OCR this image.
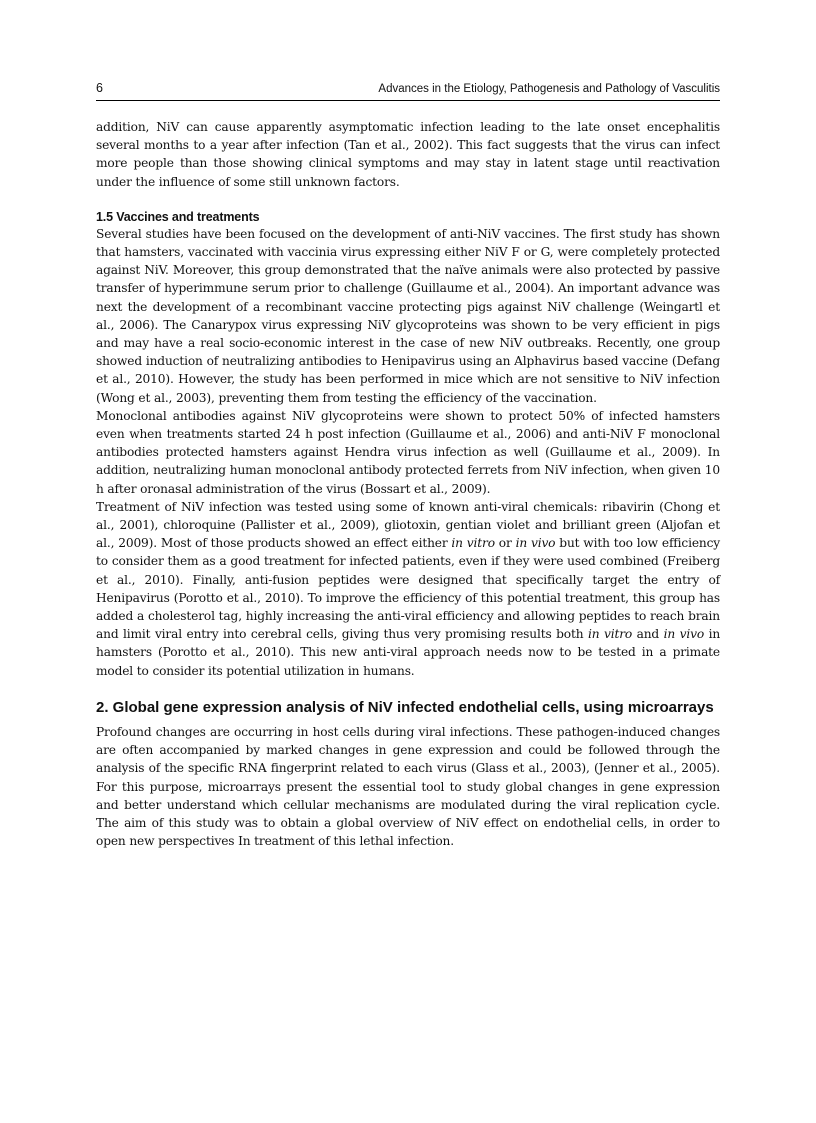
6	Advances in the Etiology, Pathogenesis and Pathology of Vasculitis

addition, NiV can cause apparently asymptomatic infection leading to the late onset encephalitis several months to a year after infection (Tan et al., 2002). This fact suggests that the virus can infect more people than those showing clinical symptoms and may stay in latent stage until reactivation under the influence of some still unknown factors.

1.5 Vaccines and treatments

Several studies have been focused on the development of anti-NiV vaccines. The first study has shown that hamsters, vaccinated with vaccinia virus expressing either NiV F or G, were completely protected against NiV. Moreover, this group demonstrated that the naïve animals were also protected by passive transfer of hyperimmune serum prior to challenge (Guillaume et al., 2004). An important advance was next the development of a recombinant vaccine protecting pigs against NiV challenge (Weingartl et al., 2006). The Canarypox virus expressing NiV glycoproteins was shown to be very efficient in pigs and may have a real socio-economic interest in the case of new NiV outbreaks. Recently, one group showed induction of neutralizing antibodies to Henipavirus using an Alphavirus based vaccine (Defang et al., 2010). However, the study has been performed in mice which are not sensitive to NiV infection (Wong et al., 2003), preventing them from testing the efficiency of the vaccination.

Monoclonal antibodies against NiV glycoproteins were shown to protect 50% of infected hamsters even when treatments started 24 h post infection (Guillaume et al., 2006) and anti-NiV F monoclonal antibodies protected hamsters against Hendra virus infection as well (Guillaume et al., 2009). In addition, neutralizing human monoclonal antibody protected ferrets from NiV infection, when given 10 h after oronasal administration of the virus (Bossart et al., 2009).

Treatment of NiV infection was tested using some of known anti-viral chemicals: ribavirin (Chong et al., 2001), chloroquine (Pallister et al., 2009), gliotoxin, gentian violet and brilliant green (Aljofan et al., 2009). Most of those products showed an effect either in vitro or in vivo but with too low efficiency to consider them as a good treatment for infected patients, even if they were used combined (Freiberg et al., 2010). Finally, anti-fusion peptides were designed that specifically target the entry of Henipavirus (Porotto et al., 2010). To improve the efficiency of this potential treatment, this group has added a cholesterol tag, highly increasing the anti-viral efficiency and allowing peptides to reach brain and limit viral entry into cerebral cells, giving thus very promising results both in vitro and in vivo in hamsters (Porotto et al., 2010). This new anti-viral approach needs now to be tested in a primate model to consider its potential utilization in humans.

2. Global gene expression analysis of NiV infected endothelial cells, using microarrays

Profound changes are occurring in host cells during viral infections. These pathogen-induced changes are often accompanied by marked changes in gene expression and could be followed through the analysis of the specific RNA fingerprint related to each virus (Glass et al., 2003), (Jenner et al., 2005). For this purpose, microarrays present the essential tool to study global changes in gene expression and better understand which cellular mechanisms are modulated during the viral replication cycle. The aim of this study was to obtain a global overview of NiV effect on endothelial cells, in order to open new perspectives In treatment of this lethal infection.
